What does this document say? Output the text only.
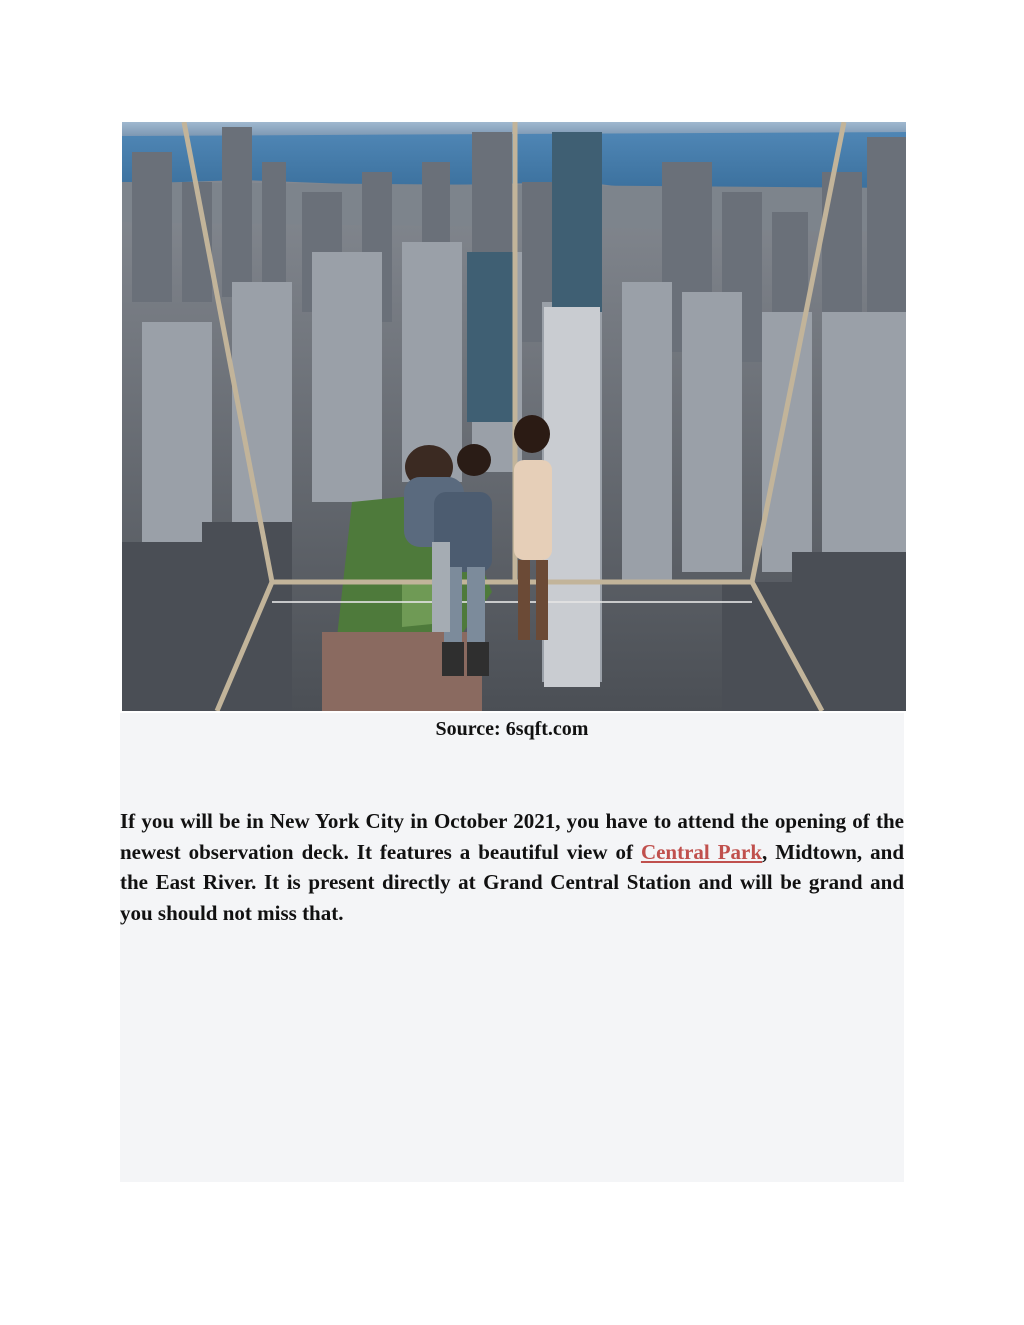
Source: 6sqft.com

If you will be in New York City in October 2021, you have to attend the opening of the newest observation deck. It features a beautiful view of Central Park, Midtown, and the East River. It is present directly at Grand Central Station and will be grand and you should not miss that.
